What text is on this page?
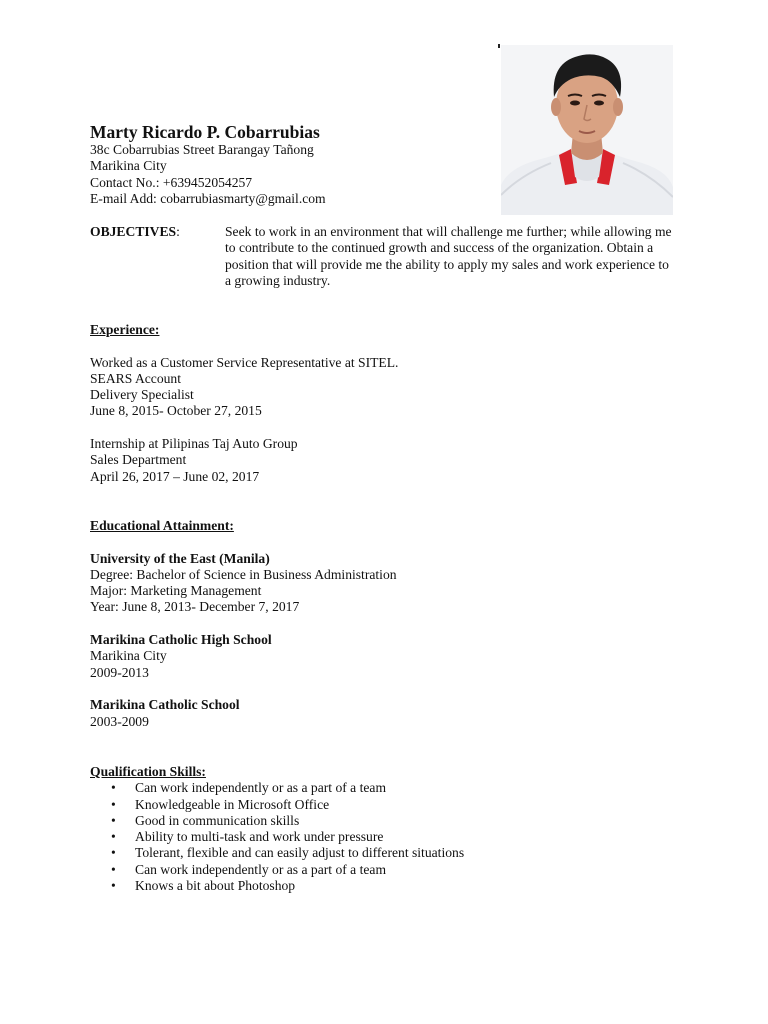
Marty Ricardo P. Cobarrubias
38c Cobarrubias Street Barangay Tañong
Marikina City
Contact No.: +639452054257
E-mail Add: cobarrubiasmarty@gmail.com
OBJECTIVES:	Seek to work in an environment that will challenge me further; while allowing me
to contribute to the continued growth and success of the organization. Obtain a
position that will provide me the ability to apply my sales and work experience to
a growing industry.
Experience:

Worked as a Customer Service Representative at SITEL.
SEARS Account
Delivery Specialist
June 8, 2015- October 27, 2015

Internship at Pilipinas Taj Auto Group
Sales Department
April 26, 2017 – June 02, 2017
Educational Attainment:

University of the East (Manila)
Degree: Bachelor of Science in Business Administration
Major: Marketing Management
Year: June 8, 2013- December 7, 2017

Marikina Catholic High School
Marikina City
2009-2013

Marikina Catholic School
2003-2009
Qualification Skills:
• Can work independently or as a part of a team
• Knowledgeable in Microsoft Office
• Good in communication skills
• Ability to multi-task and work under pressure
• Tolerant, flexible and can easily adjust to different situations
• Can work independently or as a part of a team
• Knows a bit about Photoshop
